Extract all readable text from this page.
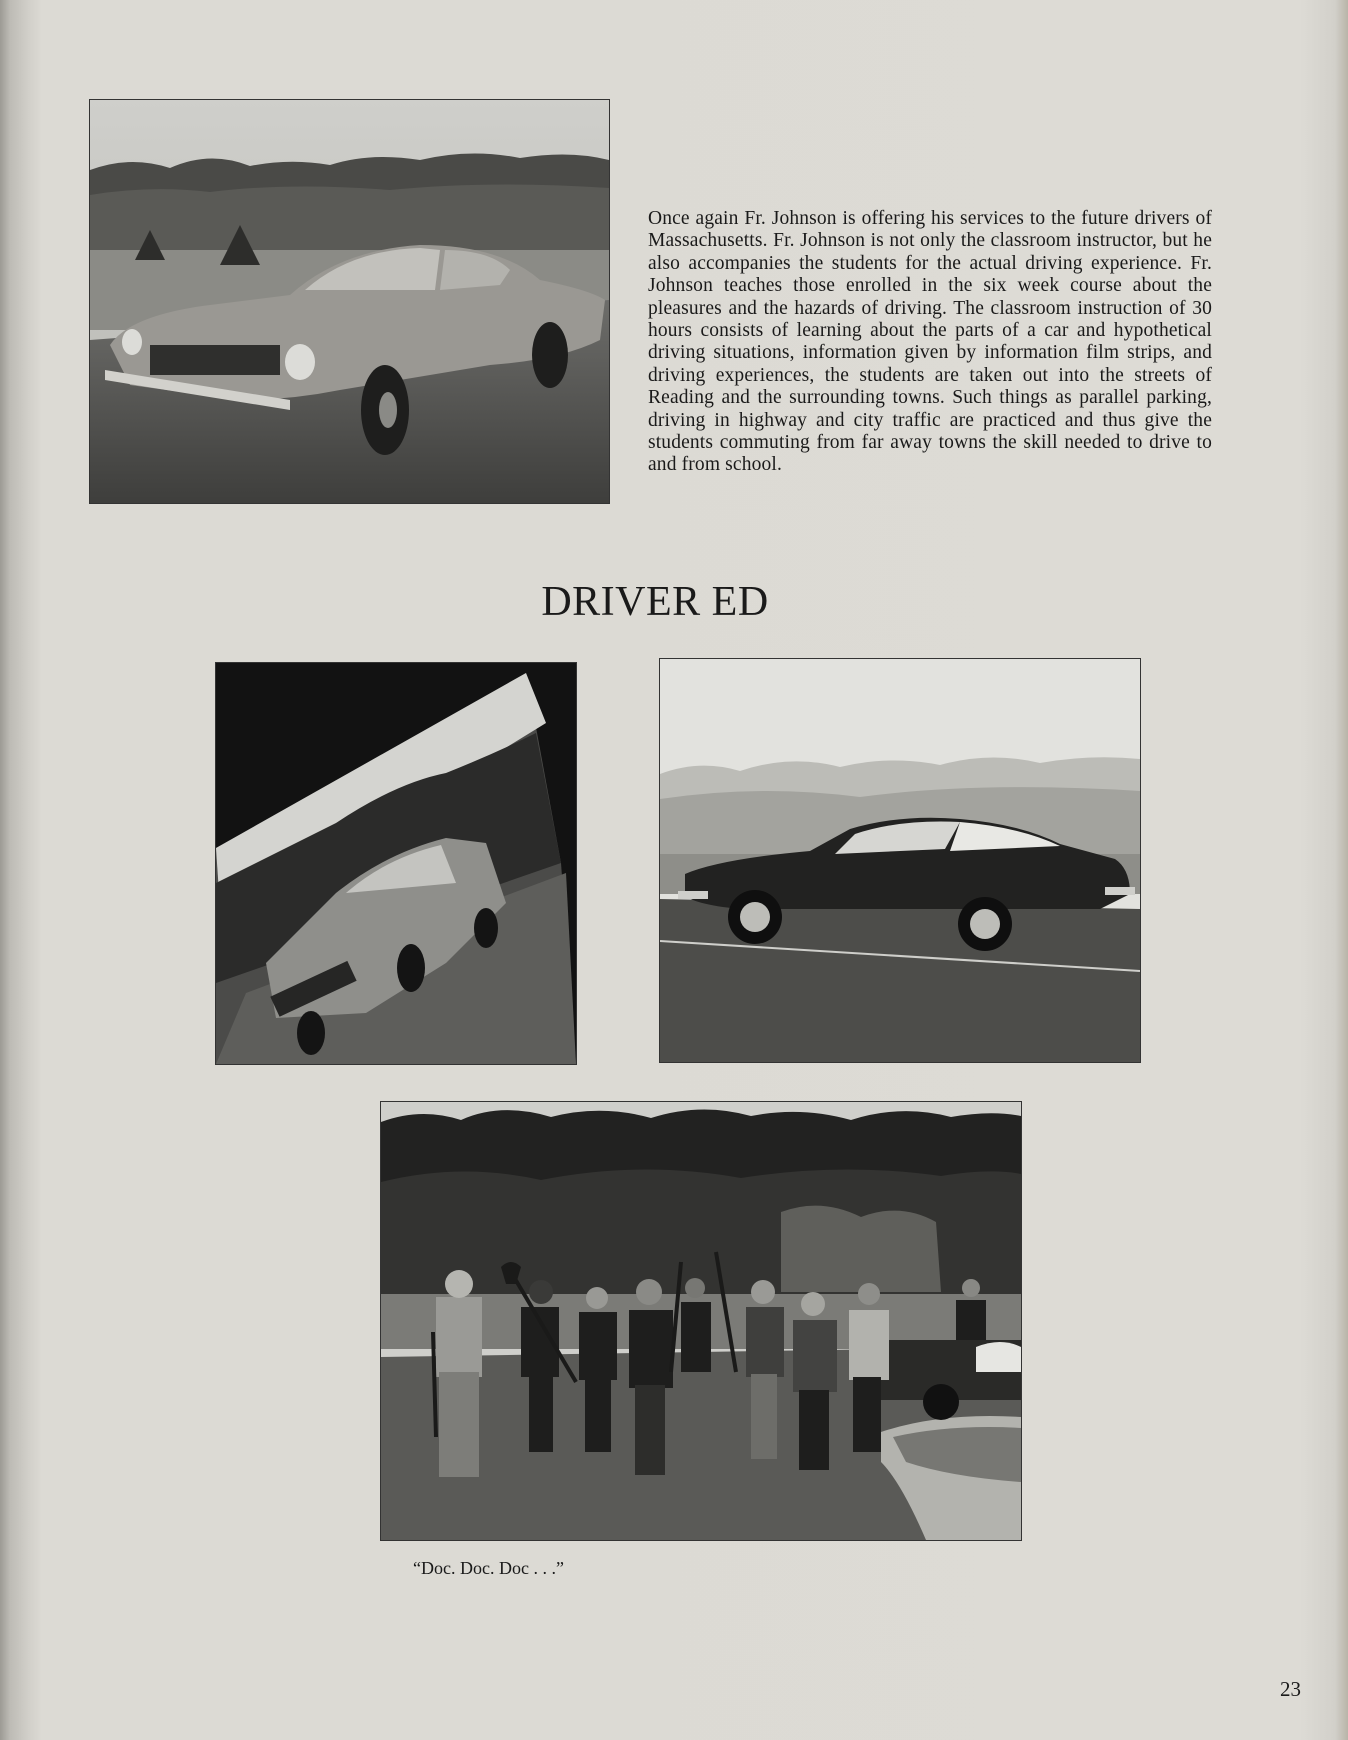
Once again Fr. Johnson is offering his services to the future drivers of Massachusetts. Fr. Johnson is not only the classroom instructor, but he also accompanies the students for the actual driving experience. Fr. Johnson teaches those enrolled in the six week course about the pleasures and the hazards of driving. The classroom instruction of 30 hours consists of learning about the parts of a car and hypothetical driving situations, information given by information film strips, and driving experiences, the students are taken out into the streets of Reading and the surrounding towns. Such things as parallel parking, driving in highway and city traffic are practiced and thus give the students commuting from far away towns the skill needed to drive to and from school.

DRIVER ED

“Doc. Doc. Doc . . .”

23
